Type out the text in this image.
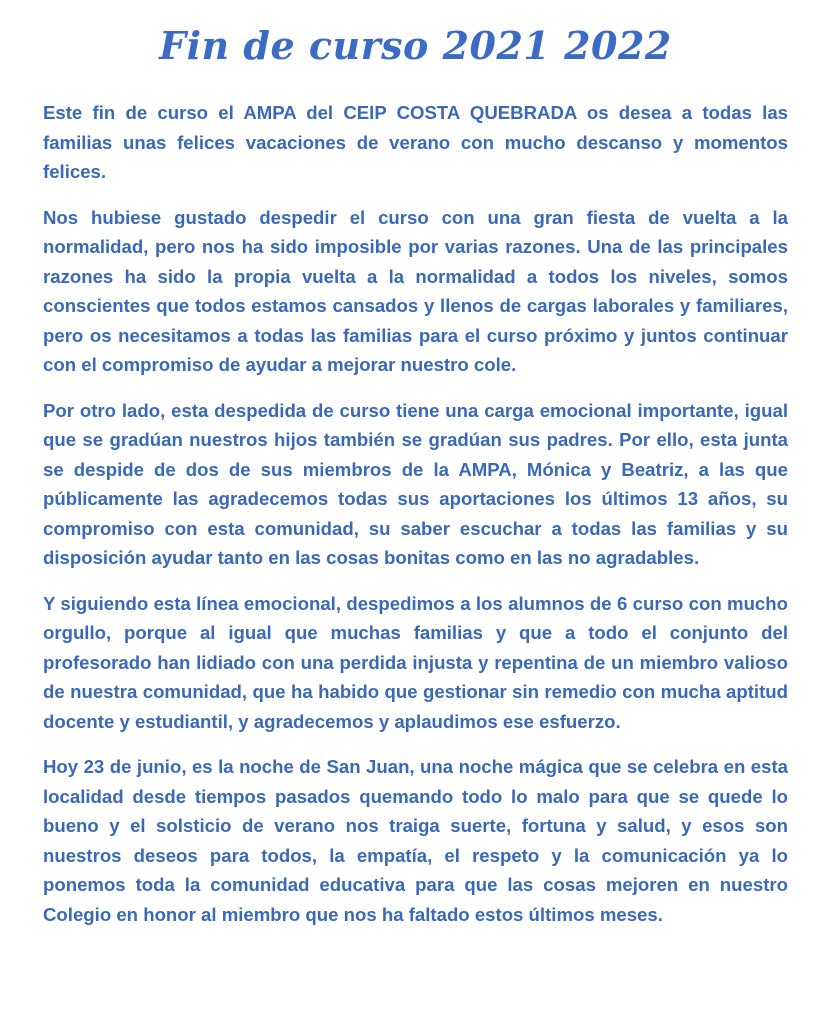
Fin de curso 2021 2022

Este fin de curso el AMPA del CEIP COSTA QUEBRADA os desea a todas las familias unas felices vacaciones de verano con mucho descanso y momentos felices.

Nos hubiese gustado despedir el curso con una gran fiesta de vuelta a la normalidad, pero nos ha sido imposible por varias razones. Una de las principales razones ha sido la propia vuelta a la normalidad a todos los niveles, somos conscientes que todos estamos cansados y llenos de cargas laborales y familiares, pero os necesitamos a todas las familias para el curso próximo y juntos continuar con el compromiso de ayudar a mejorar nuestro cole.

Por otro lado, esta despedida de curso tiene una carga emocional importante, igual que se gradúan nuestros hijos también se gradúan sus padres. Por ello, esta junta se despide de dos de sus miembros de la AMPA, Mónica y Beatriz, a las que públicamente las agradecemos todas sus aportaciones los últimos 13 años, su compromiso con esta comunidad, su saber escuchar a todas las familias y su disposición ayudar tanto en las cosas bonitas como en las no agradables.

Y siguiendo esta línea emocional, despedimos a los alumnos de 6 curso con mucho orgullo, porque al igual que muchas familias y que a todo el conjunto del profesorado han lidiado con una perdida injusta y repentina de un miembro valioso de nuestra comunidad, que ha habido que gestionar sin remedio con mucha aptitud docente y estudiantil, y agradecemos y aplaudimos ese esfuerzo.

Hoy 23 de junio, es la noche de San Juan, una noche mágica que se celebra en esta localidad desde tiempos pasados quemando todo lo malo para que se quede lo bueno y el solsticio de verano nos traiga suerte, fortuna y salud, y esos son nuestros deseos para todos, la empatía, el respeto y la comunicación ya lo ponemos toda la comunidad educativa para que las cosas mejoren en nuestro Colegio en honor al miembro que nos ha faltado estos últimos meses.
